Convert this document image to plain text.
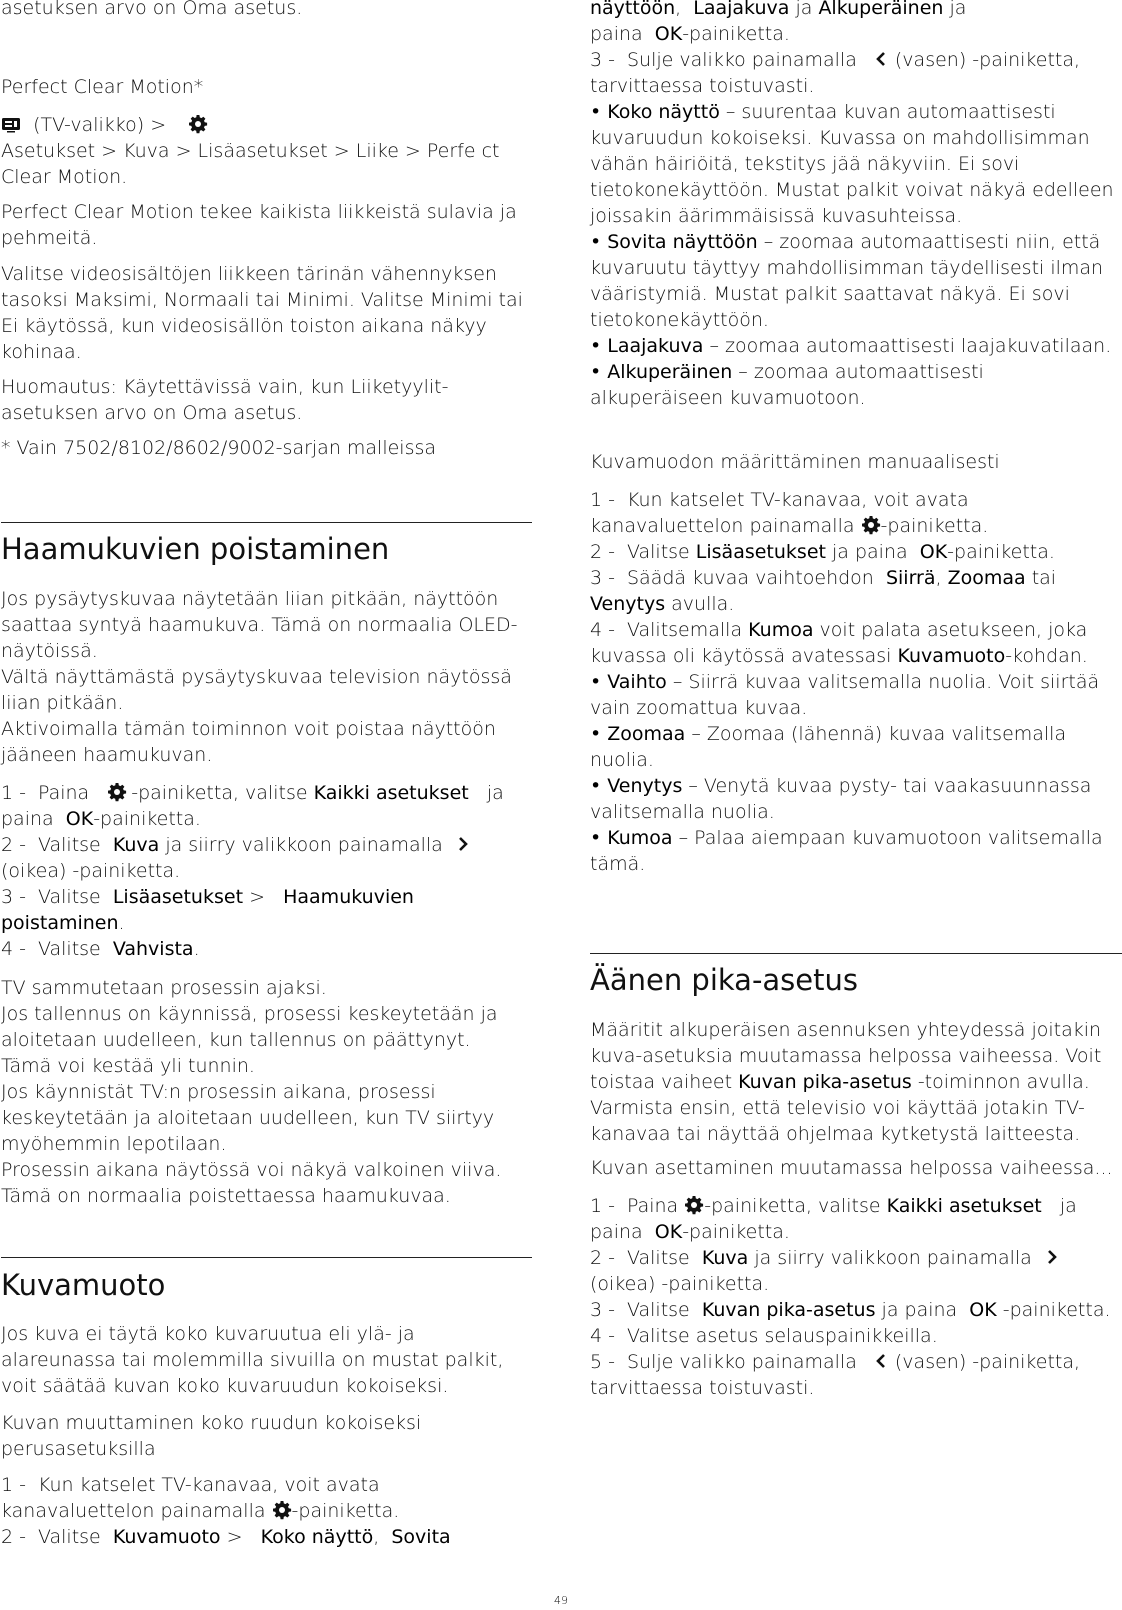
asetuksen arvo on Oma asetus.

Perfect Clear Motion*

(TV-valikko) >

Asetukset > Kuva > Lisäasetukset > Liike > Perfe ct Clear Motion.

Perfect Clear Motion tekee kaikista liikkeistä sulavia ja pehmeitä.

Valitse videosisältöjen liikkeen tärinän vähennyksen tasoksi Maksimi, Normaali tai Minimi. Valitse Minimi tai Ei käytössä, kun videosisällön toiston aikana näkyy kohinaa.

Huomautus: Käytettävissä vain, kun Liiketyylit-asetuksen arvo on Oma asetus.

* Vain 7502/8102/8602/9002-sarjan malleissa

Haamukuvien poistaminen

Jos pysäytyskuvaa näytetään liian pitkään, näyttöön saattaa syntyä haamukuva. Tämä on normaalia OLED-näytöissä.
Vältä näyttämästä pysäytyskuvaa television näytössä liian pitkään.
Aktivoimalla tämän toiminnon voit poistaa näyttöön jääneen haamukuvan.

1 - Paina -painiketta, valitse Kaikki asetukset ja paina OK-painiketta.
2 - Valitse Kuva ja siirry valikkoon painamalla
(oikea) -painiketta.
3 - Valitse Lisäasetukset > Haamukuvien poistaminen.
4 - Valitse Vahvista.

TV sammutetaan prosessin ajaksi.
Jos tallennus on käynnissä, prosessi keskeytetään ja aloitetaan uudelleen, kun tallennus on päättynyt.
Tämä voi kestää yli tunnin.
Jos käynnistät TV:n prosessin aikana, prosessi keskeytetään ja aloitetaan uudelleen, kun TV siirtyy myöhemmin lepotilaan.
Prosessin aikana näytössä voi näkyä valkoinen viiva. Tämä on normaalia poistettaessa haamukuvaa.

Kuvamuoto

Jos kuva ei täytä koko kuvaruutua eli ylä- ja alareunassa tai molemmilla sivuilla on mustat palkit, voit säätää kuvan koko kuvaruudun kokoiseksi.

Kuvan muuttaminen koko ruudun kokoiseksi perusasetuksilla

1 - Kun katselet TV-kanavaa, voit avata kanavaluettelon painamalla -painiketta.
2 - Valitse Kuvamuoto > Koko näyttö, Sovita

näyttöön, Laajakuva ja Alkuperäinen ja
paina OK-painiketta.
3 - Sulje valikko painamalla (vasen) -painiketta, tarvittaessa toistuvasti.
• Koko näyttö – suurentaa kuvan automaattisesti kuvaruudun kokoiseksi. Kuvassa on mahdollisimman vähän häiriöitä, tekstitys jää näkyviin. Ei sovi tietokonekäyttöön. Mustat palkit voivat näkyä edelleen joissakin äärimmäisissä kuvasuhteissa.
• Sovita näyttöön – zoomaa automaattisesti niin, että kuvaruutu täyttyy mahdollisimman täydellisesti ilman vääristymiä. Mustat palkit saattavat näkyä. Ei sovi tietokonekäyttöön.
• Laajakuva – zoomaa automaattisesti laajakuvatilaan.
• Alkuperäinen – zoomaa automaattisesti alkuperäiseen kuvamuotoon.

Kuvamuodon määrittäminen manuaalisesti

1 - Kun katselet TV-kanavaa, voit avata kanavaluettelon painamalla -painiketta.
2 - Valitse Lisäasetukset ja paina OK-painiketta.
3 - Säädä kuvaa vaihtoehdon Siirrä, Zoomaa tai Venytys avulla.
4 - Valitsemalla Kumoa voit palata asetukseen, joka kuvassa oli käytössä avatessasi Kuvamuoto-kohdan.
• Vaihto – Siirrä kuvaa valitsemalla nuolia. Voit siirtää vain zoomattua kuvaa.
• Zoomaa – Zoomaa (lähennä) kuvaa valitsemalla nuolia.
• Venytys – Venytä kuvaa pysty- tai vaakasuunnassa valitsemalla nuolia.
• Kumoa – Palaa aiempaan kuvamuotoon valitsemalla tämä.

Äänen pika-asetus

Määritit alkuperäisen asennuksen yhteydessä joitakin kuva-asetuksia muutamassa helpossa vaiheessa. Voit toistaa vaiheet Kuvan pika-asetus -toiminnon avulla. Varmista ensin, että televisio voi käyttää jotakin TV-kanavaa tai näyttää ohjelmaa kytketystä laitteesta.

Kuvan asettaminen muutamassa helpossa vaiheessa...

1 - Paina -painiketta, valitse Kaikki asetukset ja paina OK-painiketta.
2 - Valitse Kuva ja siirry valikkoon painamalla
(oikea) -painiketta.
3 - Valitse Kuvan pika-asetus ja paina OK -painiketta.
4 - Valitse asetus selauspainikkeilla.
5 - Sulje valikko painamalla (vasen) -painiketta, tarvittaessa toistuvasti.

49
